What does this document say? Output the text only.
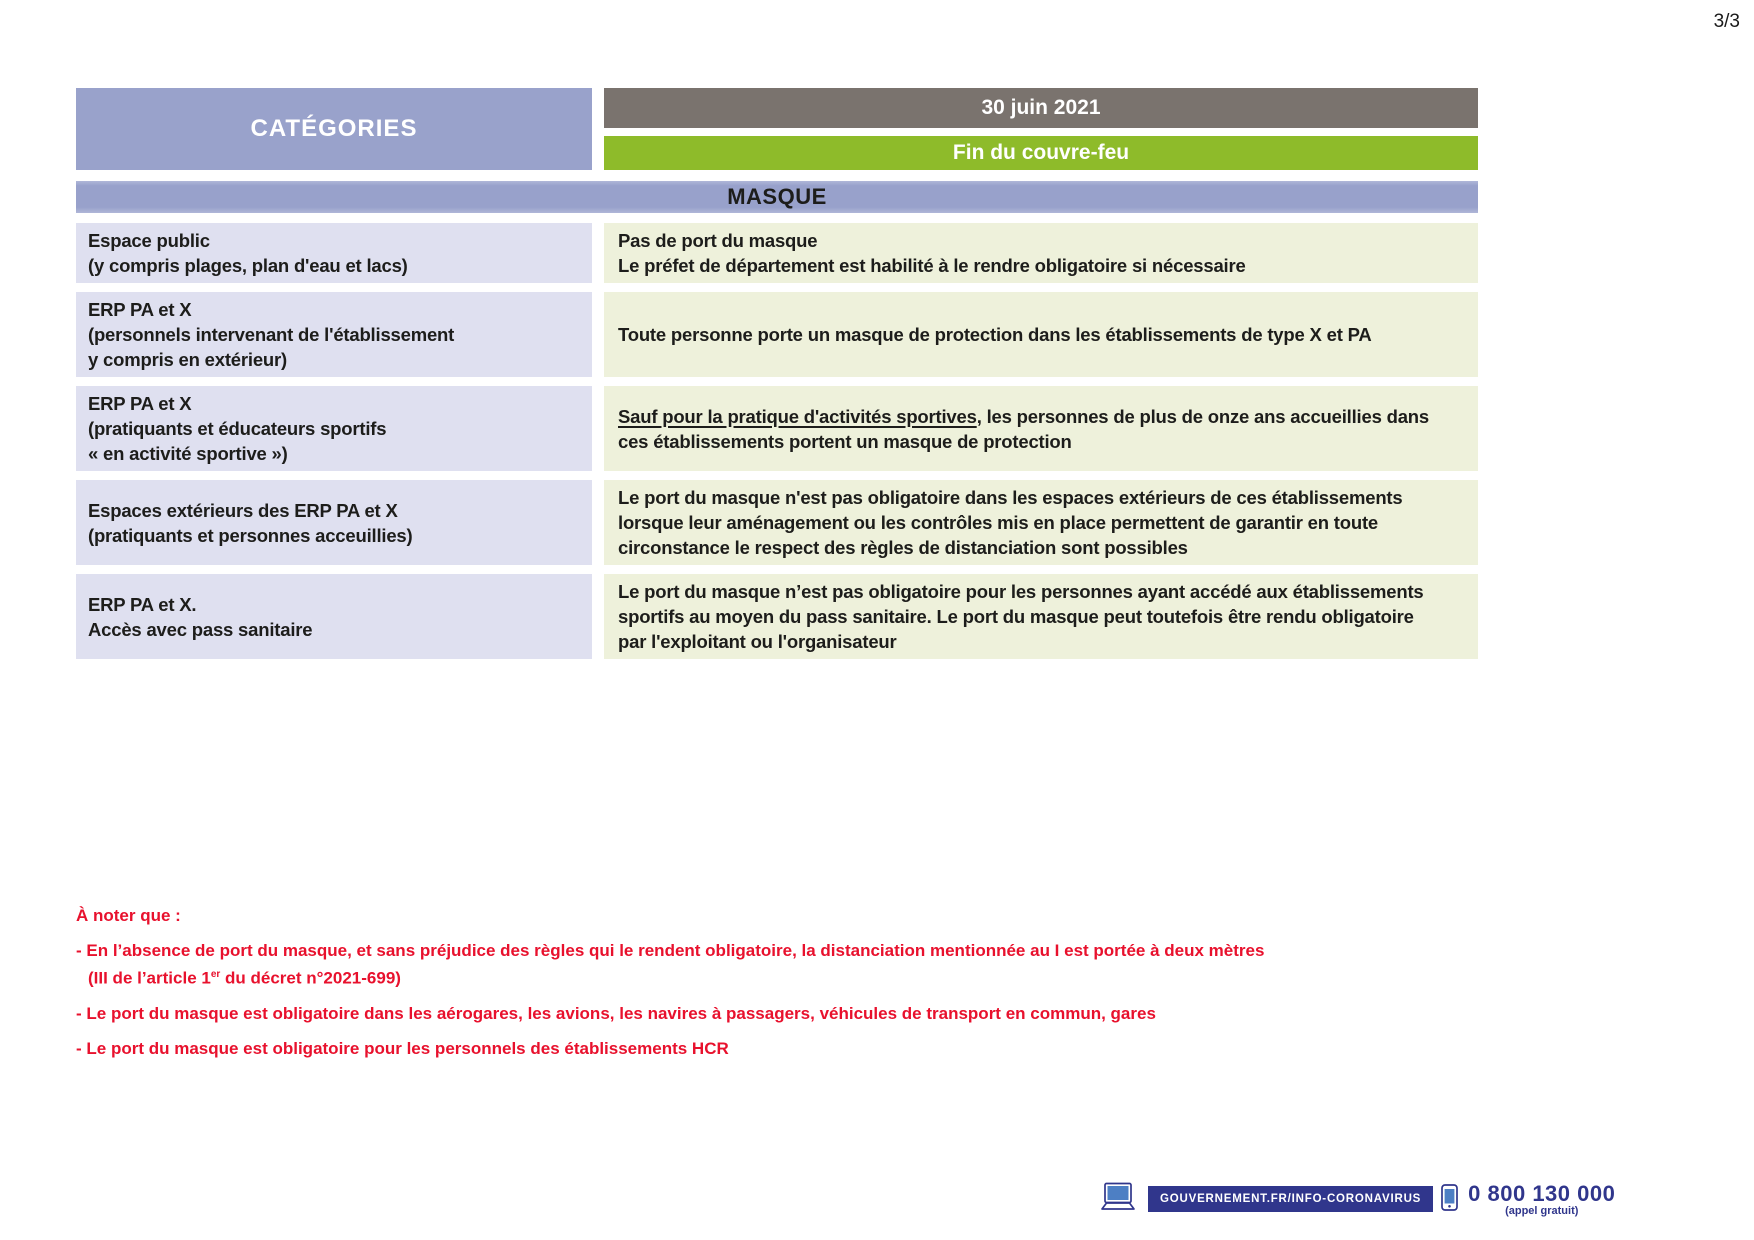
3/3
CATÉGORIES
30 juin 2021
Fin du couvre-feu
MASQUE
Espace public
(y compris plages, plan d'eau et lacs)
Pas de port du masque
Le préfet de département est habilité à le rendre obligatoire si nécessaire
ERP PA et X
(personnels intervenant de l'établissement
y compris en extérieur)
Toute personne porte un masque de protection dans les établissements de type X et PA
ERP PA et X
(pratiquants et éducateurs sportifs
« en activité sportive »)
Sauf pour la pratique d'activités sportives, les personnes de plus de onze ans accueillies dans
ces établissements portent un masque de protection
Espaces extérieurs des ERP PA et X
(pratiquants et personnes acceuillies)
Le port du masque n'est pas obligatoire dans les espaces extérieurs de ces établissements
lorsque leur aménagement ou les contrôles mis en place permettent de garantir en toute
circonstance le respect des règles de distanciation sont possibles
ERP PA et X.
Accès avec pass sanitaire
Le port du masque n’est pas obligatoire pour les personnes ayant accédé aux établissements
sportifs au moyen du pass sanitaire. Le port du masque peut toutefois être rendu obligatoire
par l'exploitant ou l'organisateur
À noter que :
- En l’absence de port du masque, et sans préjudice des règles qui le rendent obligatoire, la distanciation mentionnée au I est portée à deux mètres
(III de l’article 1er du décret n°2021-699)
- Le port du masque est obligatoire dans les aérogares, les avions, les navires à passagers, véhicules de transport en commun, gares
- Le port du masque est obligatoire pour les personnels des établissements HCR
GOUVERNEMENT.FR/INFO-CORONAVIRUS	0 800 130 000
(appel gratuit)
